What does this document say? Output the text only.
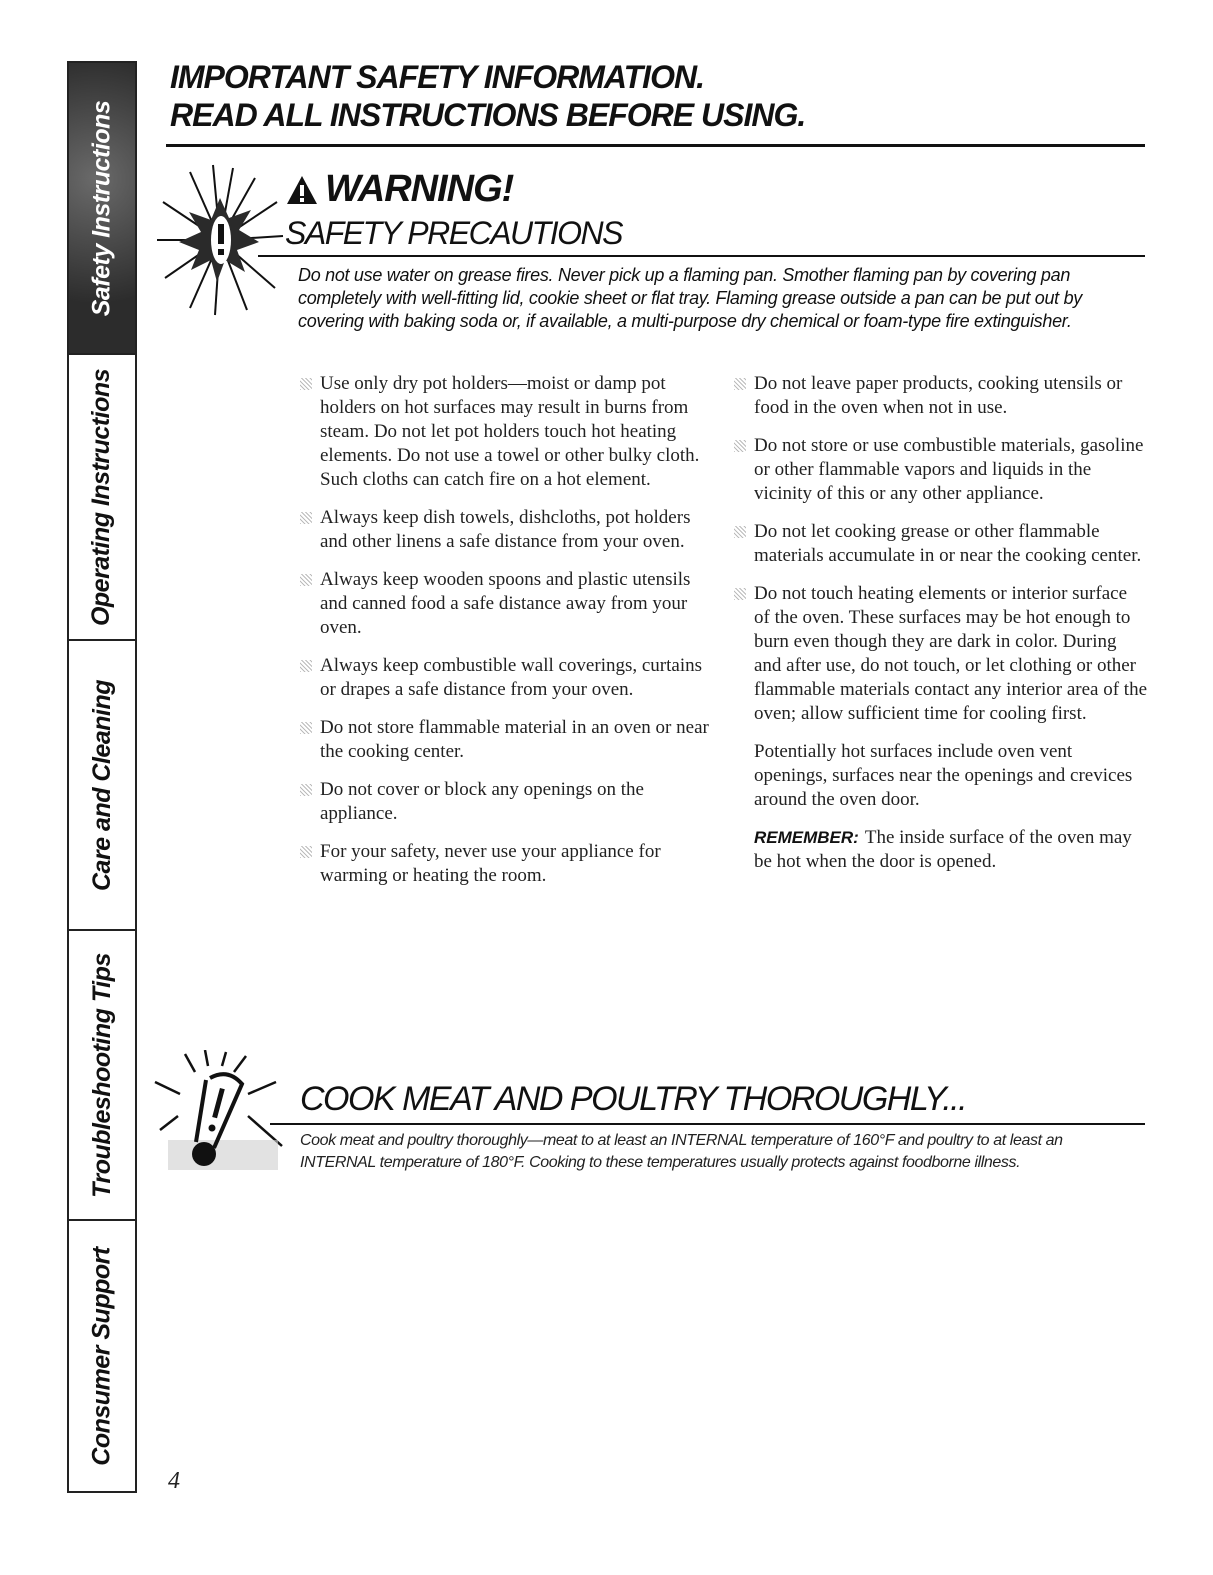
Safety Instructions
Operating Instructions
Care and Cleaning
Troubleshooting Tips
Consumer Support
IMPORTANT SAFETY INFORMATION.
READ ALL INSTRUCTIONS BEFORE USING.
WARNING!
SAFETY PRECAUTIONS

Do not use water on grease fires. Never pick up a flaming pan. Smother flaming pan by covering pan completely with well-fitting lid, cookie sheet or flat tray. Flaming grease outside a pan can be put out by covering with baking soda or, if available, a multi-purpose dry chemical or foam-type fire extinguisher.

Use only dry pot holders—moist or damp pot holders on hot surfaces may result in burns from steam. Do not let pot holders touch hot heating elements. Do not use a towel or other bulky cloth. Such cloths can catch fire on a hot element.
Always keep dish towels, dishcloths, pot holders and other linens a safe distance from your oven.
Always keep wooden spoons and plastic utensils and canned food a safe distance away from your oven.
Always keep combustible wall coverings, curtains or drapes a safe distance from your oven.
Do not store flammable material in an oven or near the cooking center.
Do not cover or block any openings on the appliance.
For your safety, never use your appliance for warming or heating the room.
Do not leave paper products, cooking utensils or food in the oven when not in use.
Do not store or use combustible materials, gasoline or other flammable vapors and liquids in the vicinity of this or any other appliance.
Do not let cooking grease or other flammable materials accumulate in or near the cooking center.
Do not touch heating elements or interior surface of the oven. These surfaces may be hot enough to burn even though they are dark in color. During and after use, do not touch, or let clothing or other flammable materials contact any interior area of the oven; allow sufficient time for cooling first.

Potentially hot surfaces include oven vent openings, surfaces near the openings and crevices around the oven door.

REMEMBER: The inside surface of the oven may be hot when the door is opened.

COOK MEAT AND POULTRY THOROUGHLY...

Cook meat and poultry thoroughly—meat to at least an INTERNAL temperature of 160°F and poultry to at least an INTERNAL temperature of 180°F. Cooking to these temperatures usually protects against foodborne illness.

4
